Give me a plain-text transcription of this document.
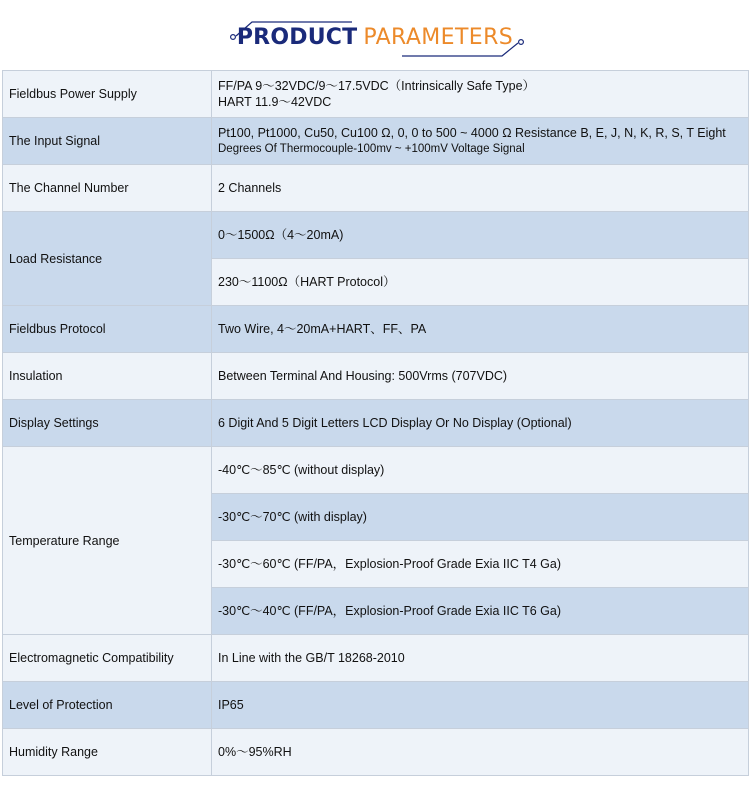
PRODUCT PARAMETERS
Fieldbus Power Supply	FF/PA 9～32VDC/9～17.5VDC（Intrinsically Safe Type）
HART 11.9～42VDC

The Input Signal	Pt100, Pt1000, Cu50, Cu100 Ω, 0, 0 to 500 ~ 4000 Ω Resistance B, E, J, N, K, R, S, T Eight
Degrees Of Thermocouple-100mv ~ +100mV Voltage Signal

The Channel Number	2 Channels
Load Resistance	0～1500Ω（4～20mA)
	230～1100Ω（HART Protocol）
Fieldbus Protocol	Two Wire, 4～20mA+HART、FF、PA
Insulation	Between Terminal And Housing: 500Vrms (707VDC)
Display Settings	6 Digit And 5 Digit Letters LCD Display Or No Display (Optional)
Temperature Range	-40℃～85℃ (without display)
	-30℃～70℃ (with display)
	-30℃～60℃ (FF/PA，Explosion-Proof Grade Exia IIC T4 Ga)
	-30℃～40℃ (FF/PA，Explosion-Proof Grade Exia IIC T6 Ga)
Electromagnetic Compatibility	In Line with the GB/T 18268-2010
Level of Protection	IP65
Humidity Range	0%～95%RH
